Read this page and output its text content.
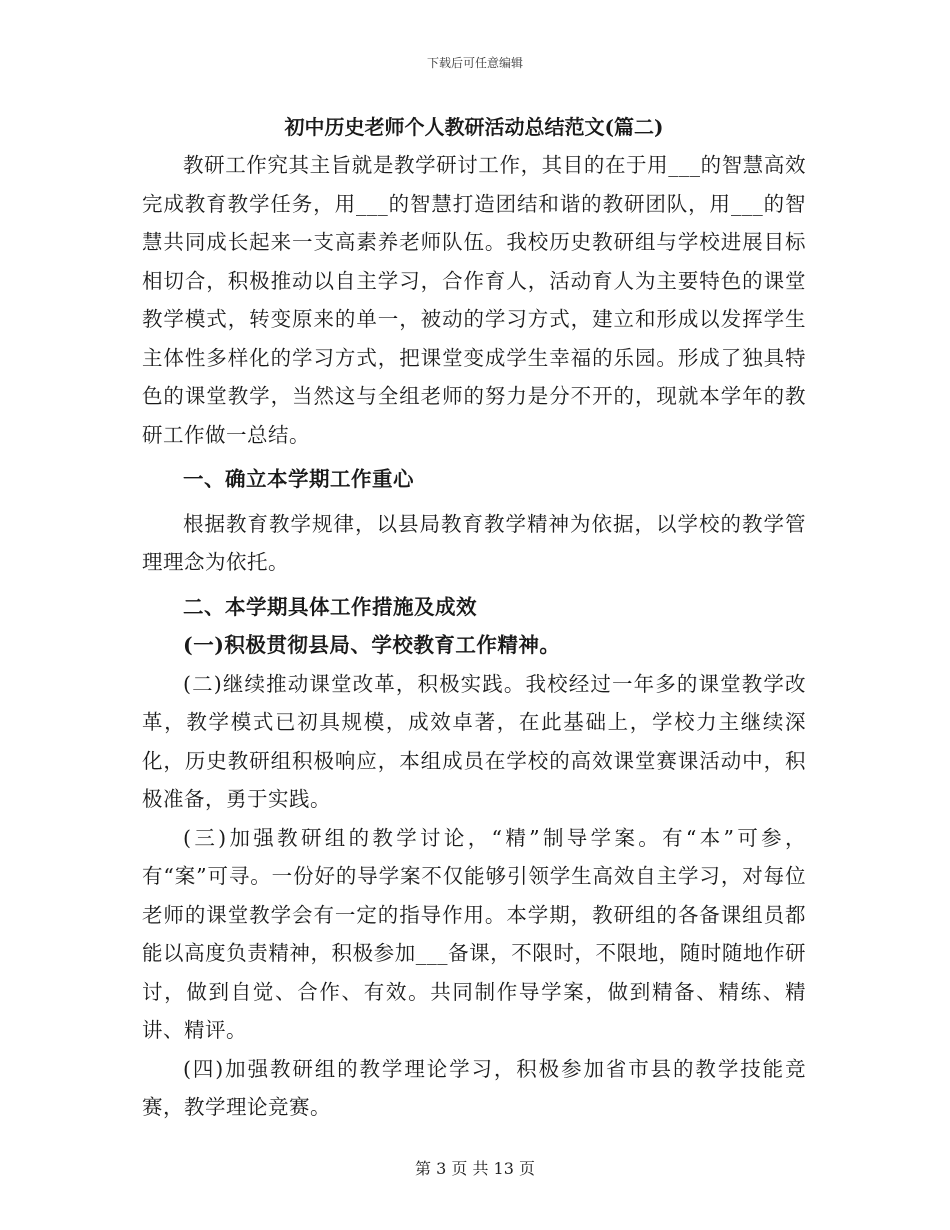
下载后可任意编辑
初中历史老师个人教研活动总结范文(篇二)

教研工作究其主旨就是教学研讨工作，其目的在于用___的智慧高效完成教育教学任务，用___的智慧打造团结和谐的教研团队，用___的智慧共同成长起来一支高素养老师队伍。我校历史教研组与学校进展目标相切合，积极推动以自主学习，合作育人，活动育人为主要特色的课堂教学模式，转变原来的单一，被动的学习方式，建立和形成以发挥学生主体性多样化的学习方式，把课堂变成学生幸福的乐园。形成了独具特色的课堂教学，当然这与全组老师的努力是分不开的，现就本学年的教研工作做一总结。

一、确立本学期工作重心

根据教育教学规律，以县局教育教学精神为依据，以学校的教学管理理念为依托。

二、本学期具体工作措施及成效

(一)积极贯彻县局、学校教育工作精神。

(二)继续推动课堂改革，积极实践。我校经过一年多的课堂教学改革，教学模式已初具规模，成效卓著，在此基础上，学校力主继续深化，历史教研组积极响应，本组成员在学校的高效课堂赛课活动中，积极准备，勇于实践。

(三)加强教研组的教学讨论，“精”制导学案。有“本”可参，有“案”可寻。一份好的导学案不仅能够引领学生高效自主学习，对每位老师的课堂教学会有一定的指导作用。本学期，教研组的各备课组员都能以高度负责精神，积极参加___备课，不限时，不限地，随时随地作研讨，做到自觉、合作、有效。共同制作导学案，做到精备、精练、精讲、精评。

(四)加强教研组的教学理论学习，积极参加省市县的教学技能竞赛，教学理论竞赛。

第 3 页 共 13 页
